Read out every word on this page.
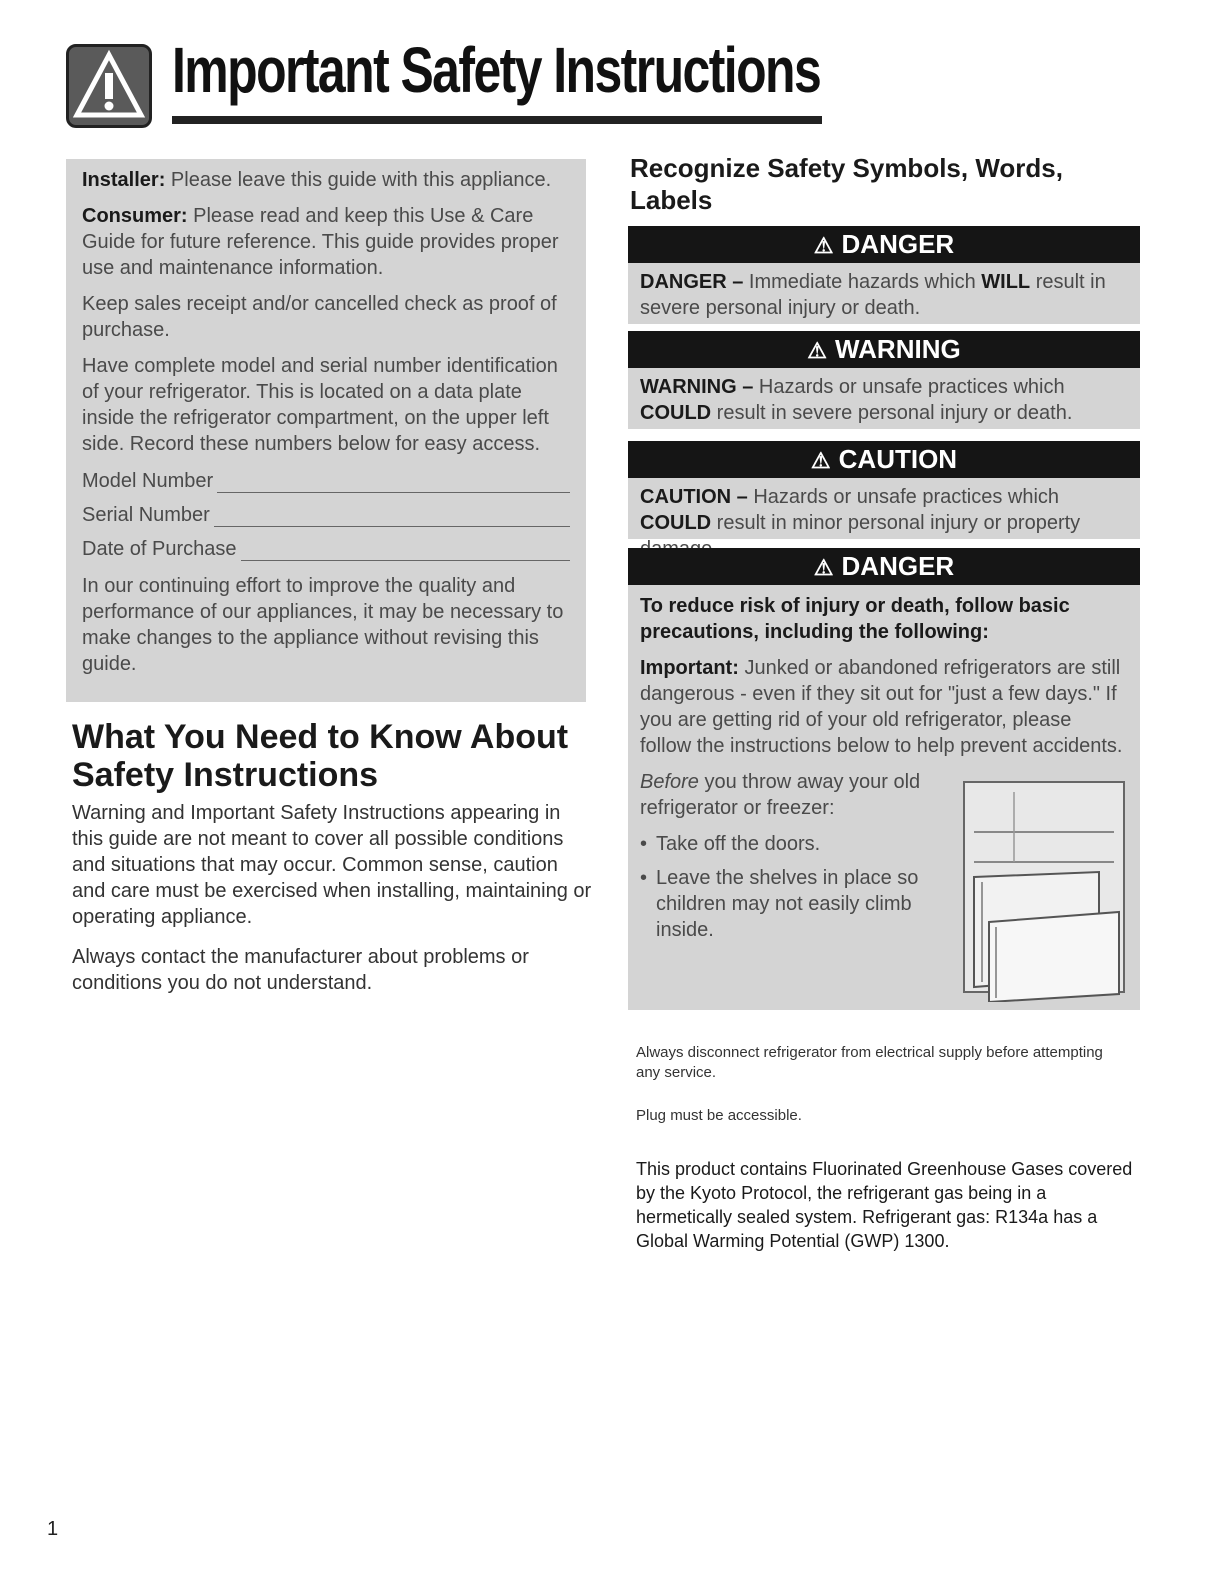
Important Safety Instructions

Installer: Please leave this guide with this appliance.

Consumer: Please read and keep this Use & Care Guide for future reference. This guide provides proper use and maintenance information.

Keep sales receipt and/or cancelled check as proof of purchase.

Have complete model and serial number identification of your refrigerator. This is located on a data plate inside the refrigerator compartment, on the upper left side. Record these numbers below for easy access.

Model Number
Serial Number
Date of Purchase

In our continuing effort to improve the quality and performance of our appliances, it may be necessary to make changes to the appliance without revising this guide.

What You Need to Know About Safety Instructions

Warning and Important Safety Instructions appearing in this guide are not meant to cover all possible conditions and situations that may occur. Common sense, caution and care must be exercised when installing, maintaining or operating appliance.

Always contact the manufacturer about problems or conditions you do not understand.

Recognize Safety Symbols, Words, Labels
⚠ DANGER
DANGER – Immediate hazards which WILL result in severe personal injury or death.
⚠ WARNING
WARNING – Hazards or unsafe practices which COULD result in severe personal injury or death.
⚠ CAUTION
CAUTION – Hazards or unsafe practices which COULD result in minor personal injury or property
⚠ DANGER
To reduce risk of injury or death, follow basic precautions, including the following:
Important: Junked or abandoned refrigerators are still dangerous - even if they sit out for "just a few days." If you are getting rid of your old refrigerator, please follow the instructions below to help prevent accidents.
Before you throw away your old refrigerator or freezer:
• Take off the doors.
• Leave the shelves in place so children may not easily climb inside.
Always disconnect refrigerator from electrical supply before attempting any service.
Plug must be accessible.
This product contains Fluorinated Greenhouse Gases covered by the Kyoto Protocol, the refrigerant gas being in a hermetically sealed system. Refrigerant gas: R134a has a Global Warming Potential (GWP) 1300.
1
